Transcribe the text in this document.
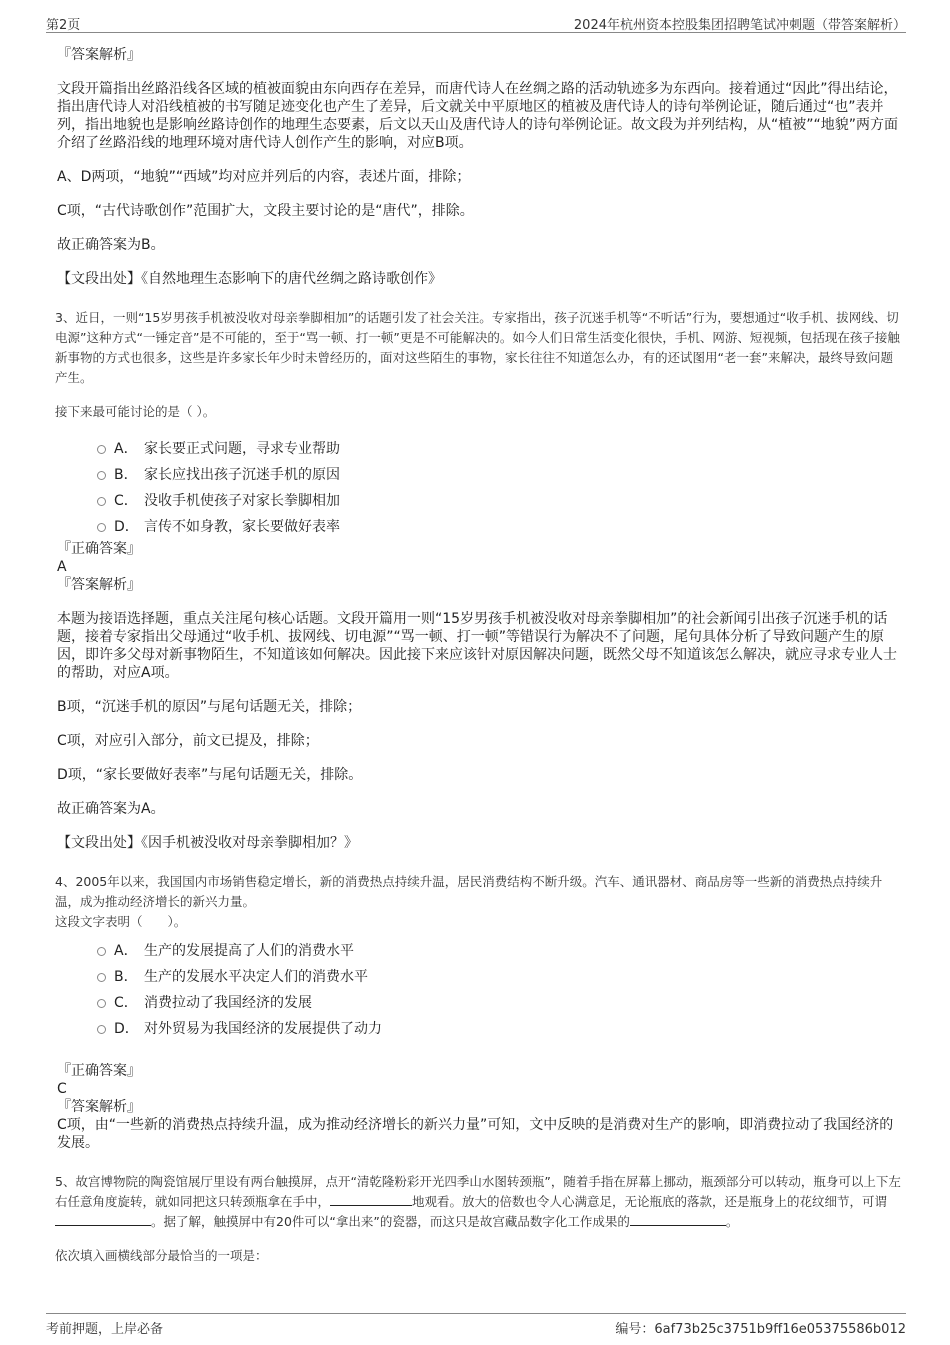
第2页	2024年杭州资本控股集团招聘笔试冲刺题（带答案解析）
『答案解析』

文段开篇指出丝路沿线各区域的植被面貌由东向西存在差异，而唐代诗人在丝绸之路的活动轨迹多为东西向。接着通过“因此”得出结论，指出唐代诗人对沿线植被的书写随足迹变化也产生了差异，后文就关中平原地区的植被及唐代诗人的诗句举例论证，随后通过“也”表并列，指出地貌也是影响丝路诗创作的地理生态要素，后文以天山及唐代诗人的诗句举例论证。故文段为并列结构，从“植被”“地貌”两方面介绍了丝路沿线的地理环境对唐代诗人创作产生的影响，对应B项。

A、D两项，“地貌”“西域”均对应并列后的内容，表述片面，排除；

C项，“古代诗歌创作”范围扩大，文段主要讨论的是“唐代”，排除。

故正确答案为B。

【文段出处】《自然地理生态影响下的唐代丝绸之路诗歌创作》

3、近日，一则“15岁男孩手机被没收对母亲拳脚相加”的话题引发了社会关注。专家指出，孩子沉迷手机等“不听话”行为，要想通过“收手机、拔网线、切电源”这种方式“一锤定音”是不可能的，至于“骂一顿、打一顿”更是不可能解决的。如今人们日常生活变化很快，手机、网游、短视频，包括现在孩子接触新事物的方式也很多，这些是许多家长年少时未曾经历的，面对这些陌生的事物，家长往往不知道怎么办，有的还试图用“老一套”来解决，最终导致问题产生。

接下来最可能讨论的是（ ）。

A． 家长要正式问题，寻求专业帮助
B． 家长应找出孩子沉迷手机的原因
C． 没收手机使孩子对家长拳脚相加
D． 言传不如身教，家长要做好表率
『正确答案』
A
『答案解析』

本题为接语选择题，重点关注尾句核心话题。文段开篇用一则“15岁男孩手机被没收对母亲拳脚相加”的社会新闻引出孩子沉迷手机的话题，接着专家指出父母通过“收手机、拔网线、切电源”“骂一顿、打一顿”等错误行为解决不了问题，尾句具体分析了导致问题产生的原因，即许多父母对新事物陌生，不知道该如何解决。因此接下来应该针对原因解决问题，既然父母不知道该怎么解决，就应寻求专业人士的帮助，对应A项。

B项，“沉迷手机的原因”与尾句话题无关，排除；

C项，对应引入部分，前文已提及，排除；

D项，“家长要做好表率”与尾句话题无关，排除。

故正确答案为A。

【文段出处】《因手机被没收对母亲拳脚相加？》

4、2005年以来，我国国内市场销售稳定增长，新的消费热点持续升温，居民消费结构不断升级。汽车、通讯器材、商品房等一些新的消费热点持续升温，成为推动经济增长的新兴力量。

这段文字表明（　　）。

A． 生产的发展提高了人们的消费水平
B． 生产的发展水平决定人们的消费水平
C． 消费拉动了我国经济的发展
D． 对外贸易为我国经济的发展提供了动力
『正确答案』
C
『答案解析』

C项，由“一些新的消费热点持续升温，成为推动经济增长的新兴力量”可知，文中反映的是消费对生产的影响，即消费拉动了我国经济的发展。

5、故宫博物院的陶瓷馆展厅里设有两台触摸屏，点开“清乾隆粉彩开光四季山水图转颈瓶”，随着手指在屏幕上挪动，瓶颈部分可以转动，瓶身可以上下左右任意角度旋转，就如同把这只转颈瓶拿在手中，	地观看。放大的倍数也令人心满意足，无论瓶底的落款，还是瓶身上的花纹细节，可谓。据了解，触摸屏中有20件可以“拿出来”的瓷器，而这只是故宫藏品数字化工作成果的	。

依次填入画横线部分最恰当的一项是：

考前押题，上岸必备	编号：6af73b25c3751b9ff16e05375586b012
